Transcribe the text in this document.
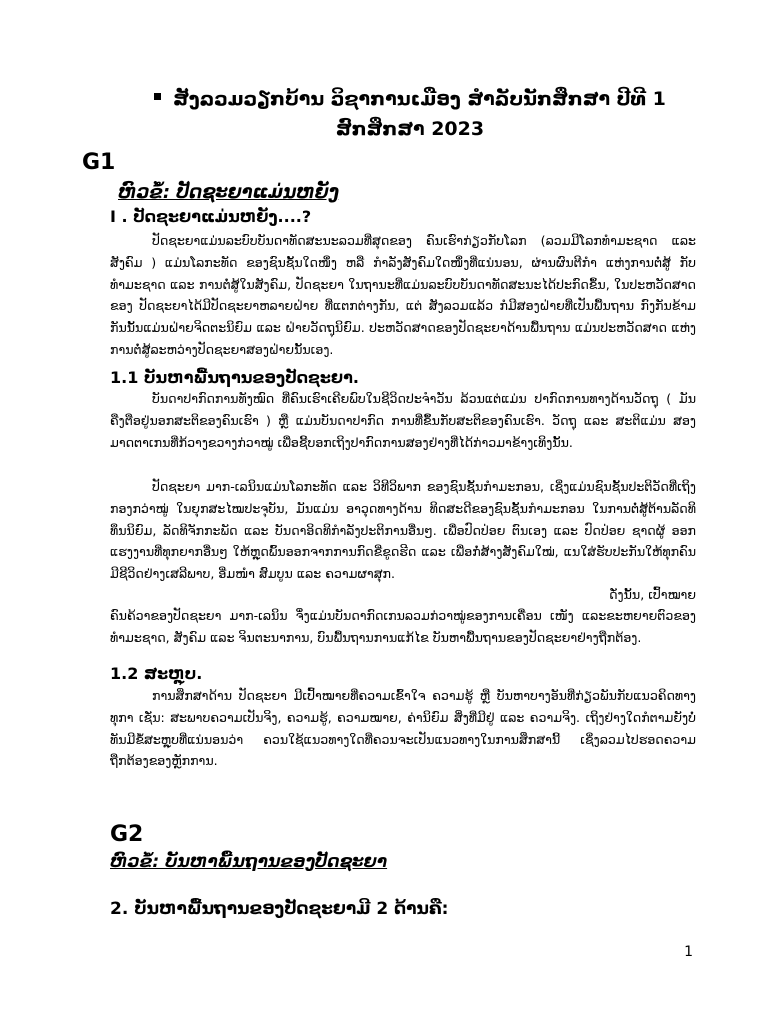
ສັງລວມວຽກບ້ານ ວິຊາການເມືອງ ສຳລັບນັກສຶກສາ ປີທີ 1
ສົກສຶກສາ 2023
G1
ຫົວຂໍ້: ປັດຊະຍາແມ່ນຫຍັງ
I . ປັດຊະຍາແມ່ນຫຍັງ....?
ປັດຊະຍາແມ່ນລະບົບບັນດາທັດສະນະລວມທີ່ສຸດຂອງ ຄົນເຮົາກ່ຽວກັບໂລກ (ລວມມີໂລກທຳມະຊາດ ແລະ ສັງຄົມ ) ແມ່ນໂລກະທັດ ຂອງຊົນຊັ້ນໃດໜຶ່ງ ຫລື ກຳລັງສັງຄົມໃດໜຶ່ງທີ່ແນ່ນອນ, ຜ່ານຜົນຕີກຳ ແຫ່ງການຕໍ່ສູ້ ກັບທຳມະຊາດ ແລະ ການຕໍ່ສູ້ໃນສັງຄົມ, ປັດຊະຍາ ໃນຖານະທີ່ແມ່ນລະບົບບັນດາທັດສະນະໄດ້ປະກົດຂຶ້ນ, ໃນປະຫວັດສາດ ຂອງ ປັດຊະຍາໄດ້ມີປັດຊະຍາຫລາຍຝ່າຍ ທີ່ແຕກຕ່າງກັນ, ແຕ່ ສັງລວມແລ້ວ ກໍມີສອງຝ່າຍທີ່ເປັນພື້ນຖານ ກົງກັນຂ້າມກັນນັ້ນແມ່ນຝ່າຍຈິດຕະນິຍົມ ແລະ ຝ່າຍວັດຖຸນິຍົມ. ປະຫວັດສາດຂອງປັດຊະຍາດ້ານພື້ນຖານ ແມ່ນປະຫວັດສາດ ແຫ່ງການຕໍ່ສູ້ລະຫວ່າງປັດຊະຍາສອງຝ່າຍນັ້ນເອງ.
1.1 ບັນຫາພື້ນຖານຂອງປັດຊະຍາ.
ບັນດາປາກົດການທັງໝົດ ທີ່ຄົນເຮົາເຄີຍພົບໃນຊີວິດປະຈຳວັນ ລ້ວນແຕ່ແມ່ນ ປາກົດການທາງດ້ານວັດຖຸ ( ມັນຄືງຕືອຢູ່ນອກສະຕິຂອງຄົນເຮົາ ) ຫຼື ແມ່ນບັນດາປາກົດ ການທີ່ຂຶ້ນກັບສະຕິຂອງຄົນເຮົາ. ວັດຖຸ ແລະ ສະຕິແມ່ນ ສອງມາດຕາເກນທີ່ກ້ວາງຂວາງກ່ວາໝູ່ ເພື່ອຊີ້ບອກເຖິງປາກົດການສອງຢ່າງທີ່ໄດ້ກ່າວມາຂ້າງເທິງນັ້ນ.
ປັດຊະຍາ ມາກ-ເລນິນແມ່ນໂລກະທັດ ແລະ ວິທີວິພາກ ຂອງຊົນຊັ້ນກຳມະກອນ, ເຊິ່ງແມ່ນຊົນຊັ້ນປະຕິວັດທີ່ເຖິງກອງກວ່າໝູ່ ໃນຍຸກສະໄໝປະຈຸບັນ, ມັນແມ່ນ ອາວຸດທາງດ້ານ ທິດສະດີຂອງຊົນຊັ້ນກຳມະກອນ ໃນການຕໍ່ສູ້ຕ້ານລັດທິທຶນນິຍົມ, ລັດທິຈັກກະພັດ ແລະ ບັນດາອິດທິກຳລັງປະຕິການອື່ນໆ. ເພື່ອປົດປ່ອຍ ຕົນເອງ ແລະ ປົດປ່ອຍ ຊາດຜູ້ ອອກແຮງງານທີ່ທຸກຍາກອື່ນໆ ໃຫ້ຫຼຸດພົ້ນອອກຈາກການກົດຂີ່ຂູດຮີດ ແລະ ເພື່ອກໍ່ສ້າງສັງຄົມໃໝ່, ແນໃສ່ຮັບປະກັນໃຫ້ທຸກຄົນ ມີຊີວິດຢ່າງເສລີພາບ, ອີ່ມໜຳ ສົມບູນ ແລະ ຄວາມຜາສຸກ.
ດັ່ງນັ້ນ, ເປົ້າໝາຍ
ຄົນຄ້ວາຂອງປັດຊະຍາ ມາກ-ເລນິນ ຈຶ່ງແມ່ນບັນດາກົດເກນລວມກ່ວາໝູ່ຂອງການເຄື່ອນ ເໜັງ ແລະຂະຫຍາຍຕົວຂອງ ທຳມະຊາດ, ສັງຄົມ ແລະ ຈິນຕະນາການ, ບົນພື້ນຖານການແກ້ໄຂ ບັນຫາພື້ນຖານຂອງປັດຊະຍາຢ່າງຖືກຕ້ອງ.
1.2 ສະຫຼຸບ.
ການສຶກສາດ້ານ ປັດຊະຍາ ມີເປົ້າໝາຍທີ່ຄວາມເຂົ້າໃຈ ຄວາມຮູ້ ຫຼື ບັນຫາບາງອັນທີ່ກ່ຽວພັນກັບແນວຄິດທາງທຸກາ ເຊັ່ນ: ສະພາບຄວາມເປັນຈິງ, ຄວາມຮູ້, ຄວາມໝາຍ, ຄ່ານິຍົມ ສິ່ງທີ່ມີຢູ່ ແລະ ຄວາມຈິງ. ເຖິງຢ່າງໃດກໍຕາມຍັງບໍ່ທັນມີຂໍ້ສະຫຼຸບທີ່ແນ່ນອນວ່າ ຄວນໃຊ້ແນວທາງໃດທີ່ຄວນຈະເປັນແນວທາງໃນການສຶກສານີ້ ເຊິ່ງລວມໄປຮອດຄວາມຖືກຕ້ອງຂອງຫຼັກການ.
G2
ຫົວຂໍ້: ບັນຫາພື້ນຖານຂອງປັດຊະຍາ
2. ບັນຫາພື້ນຖານຂອງປັດຊະຍາມີ 2 ດ້ານຄື:
1
